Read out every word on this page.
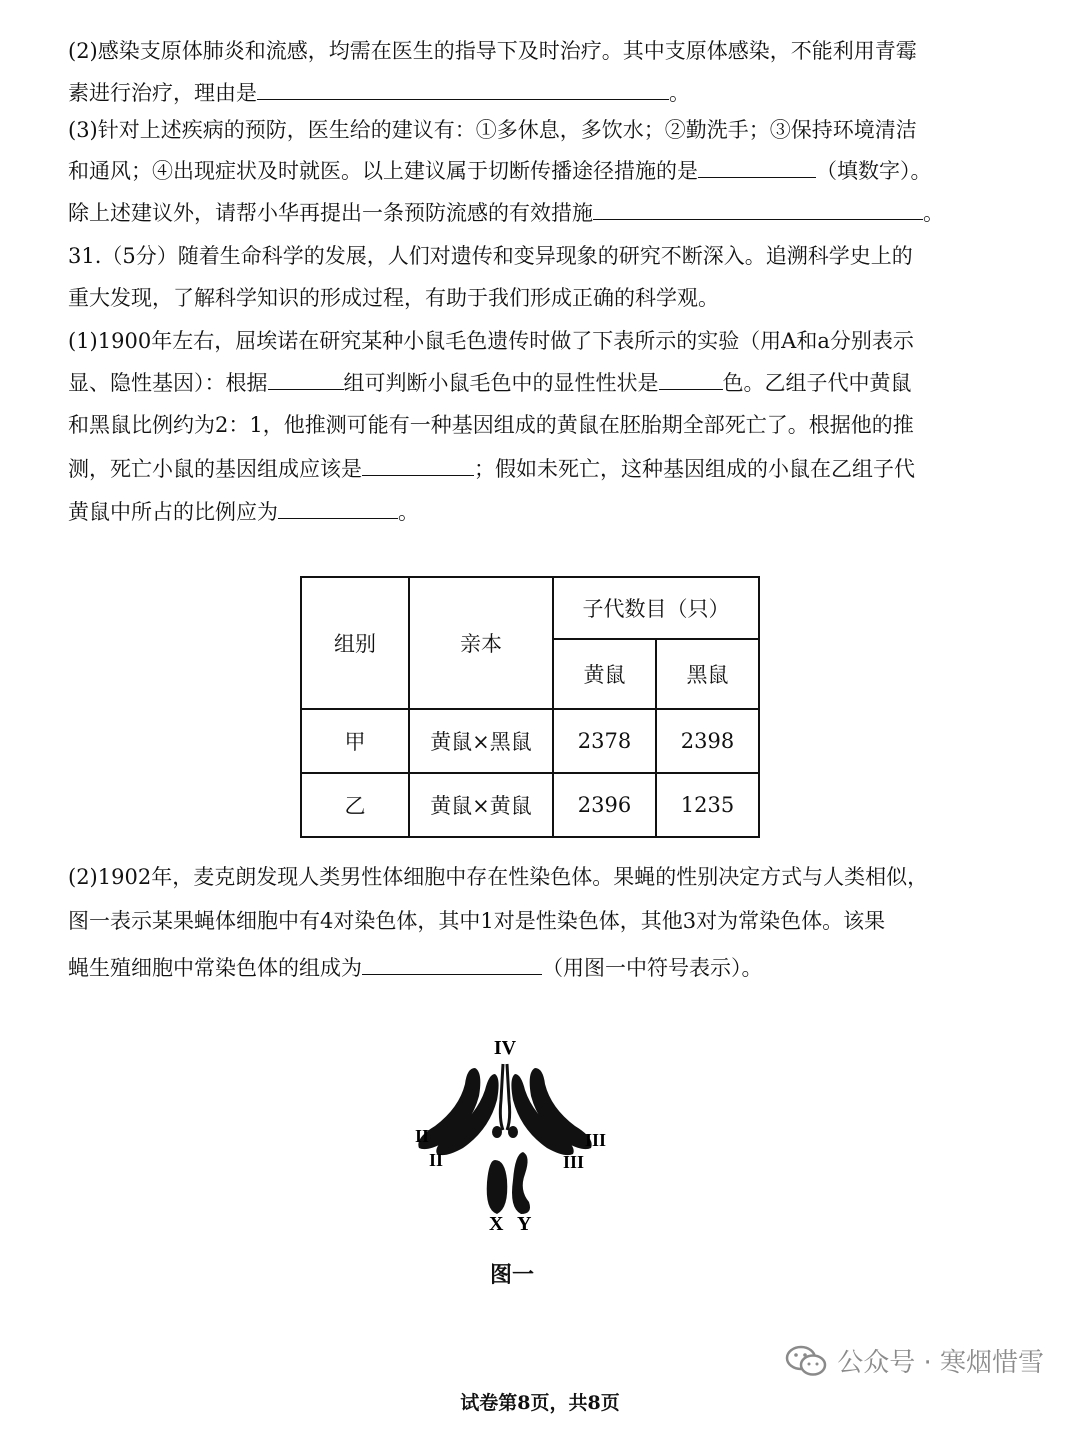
(2)感染支原体肺炎和流感，均需在医生的指导下及时治疗。其中支原体感染，不能利用青霉
素进行治疗，理由是	。
(3)针对上述疾病的预防，医生给的建议有：①多休息，多饮水；②勤洗手；③保持环境清洁
和通风；④出现症状及时就医。以上建议属于切断传播途径措施的是	（填数字）。
除上述建议外，请帮小华再提出一条预防流感的有效措施	。
31.（5分）随着生命科学的发展，人们对遗传和变异现象的研究不断深入。追溯科学史上的
重大发现，了解科学知识的形成过程，有助于我们形成正确的科学观。
(1)1900年左右，屈埃诺在研究某种小鼠毛色遗传时做了下表所示的实验（用A和a分别表示
显、隐性基因）：根据	组可判断小鼠毛色中的显性性状是	色。乙组子代中黄鼠
和黑鼠比例约为2：1，他推测可能有一种基因组成的黄鼠在胚胎期全部死亡了。根据他的推
测，死亡小鼠的基因组成应该是	；假如未死亡，这种基因组成的小鼠在乙组子代
黄鼠中所占的比例应为	。
组别	亲本	子代数目（只）	
		黄鼠	黑鼠
甲	黄鼠×黑鼠	2378	2398
乙	黄鼠×黄鼠	2396	1235
(2)1902年，麦克朗发现人类男性体细胞中存在性染色体。果蝇的性别决定方式与人类相似，
图一表示某果蝇体细胞中有4对染色体，其中1对是性染色体，其他3对为常染色体。该果
蝇生殖细胞中常染色体的组成为	（用图一中符号表示）。
IV
II
II
III
III
X Y
图一
公众号 · 寒烟惜雪
试卷第8页，共8页
